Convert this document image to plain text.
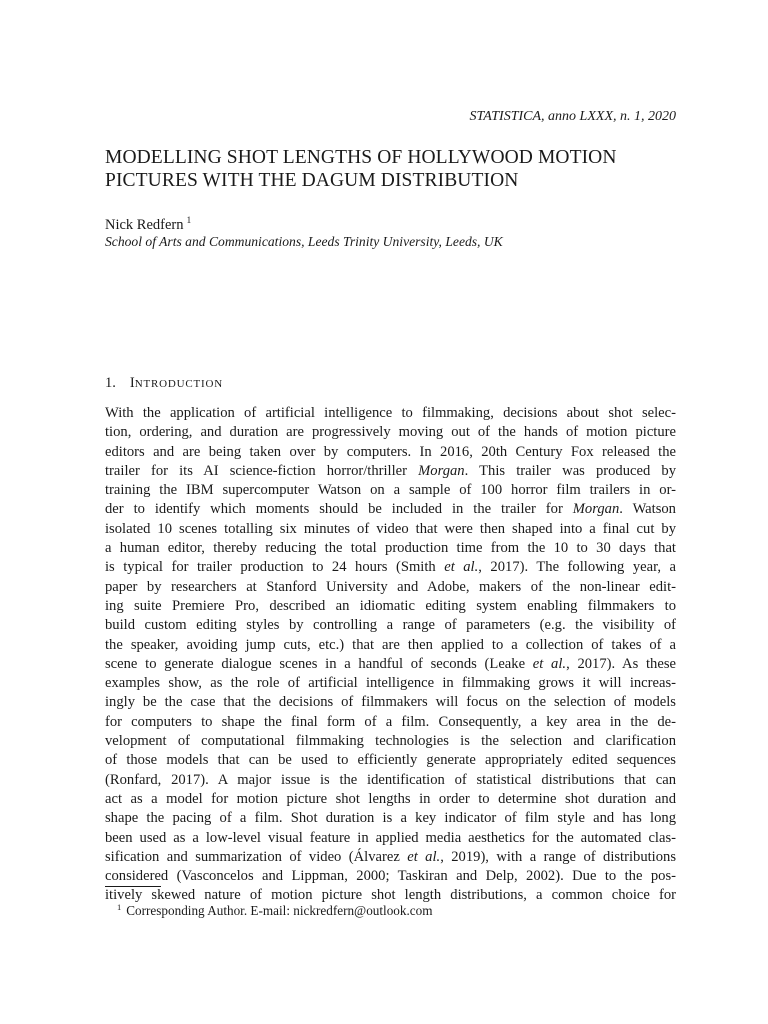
STATISTICA, anno LXXX, n. 1, 2020
MODELLING SHOT LENGTHS OF HOLLYWOOD MOTION
PICTURES WITH THE DAGUM DISTRIBUTION
Nick Redfern $^1$
School of Arts and Communications, Leeds Trinity University, Leeds, UK
1. INTRODUCTION
With the application of artificial intelligence to filmmaking, decisions about shot selec-
tion, ordering, and duration are progressively moving out of the hands of motion picture
editors and are being taken over by computers. In 2016, 20th Century Fox released the
trailer for its AI science-fiction horror/thriller Morgan. This trailer was produced by
training the IBM supercomputer Watson on a sample of 100 horror film trailers in or-
der to identify which moments should be included in the trailer for Morgan. Watson
isolated 10 scenes totalling six minutes of video that were then shaped into a final cut by
a human editor, thereby reducing the total production time from the 10 to 30 days that
is typical for trailer production to 24 hours (Smith et al., 2017). The following year, a
paper by researchers at Stanford University and Adobe, makers of the non-linear edit-
ing suite Premiere Pro, described an idiomatic editing system enabling filmmakers to
build custom editing styles by controlling a range of parameters (e.g. the visibility of
the speaker, avoiding jump cuts, etc.) that are then applied to a collection of takes of a
scene to generate dialogue scenes in a handful of seconds (Leake et al., 2017). As these
examples show, as the role of artificial intelligence in filmmaking grows it will increas-
ingly be the case that the decisions of filmmakers will focus on the selection of models
for computers to shape the final form of a film. Consequently, a key area in the de-
velopment of computational filmmaking technologies is the selection and clarification
of those models that can be used to efficiently generate appropriately edited sequences
(Ronfard, 2017). A major issue is the identification of statistical distributions that can
act as a model for motion picture shot lengths in order to determine shot duration and
shape the pacing of a film. Shot duration is a key indicator of film style and has long
been used as a low-level visual feature in applied media aesthetics for the automated clas-
sification and summarization of video (Álvarez et al., 2019), with a range of distributions
considered (Vasconcelos and Lippman, 2000; Taskiran and Delp, 2002). Due to the pos-
itively skewed nature of motion picture shot length distributions, a common choice for
$^1$ Corresponding Author. E-mail: nickredfern@outlook.com
